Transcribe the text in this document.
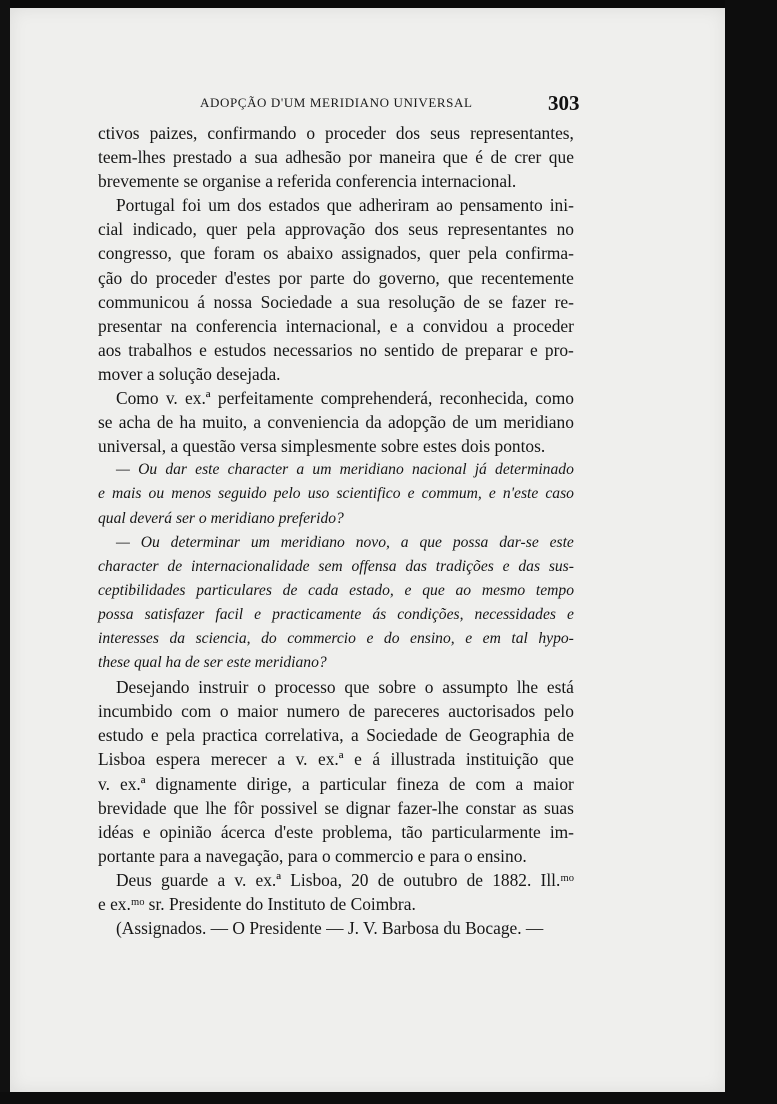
ADOPÇÃO D'UM MERIDIANO UNIVERSAL	303
ctivos paizes, confirmando o proceder dos seus representantes,
teem-lhes prestado a sua adhesão por maneira que é de crer que
brevemente se organise a referida conferencia internacional.
Portugal foi um dos estados que adheriram ao pensamento ini-
cial indicado, quer pela approvação dos seus representantes no
congresso, que foram os abaixo assignados, quer pela confirma-
ção do proceder d'estes por parte do governo, que recentemente
communicou á nossa Sociedade a sua resolução de se fazer re-
presentar na conferencia internacional, e a convidou a proceder
aos trabalhos e estudos necessarios no sentido de preparar e pro-
mover a solução desejada.
Como v. ex.ª perfeitamente comprehenderá, reconhecida, como
se acha de ha muito, a conveniencia da adopção de um meridiano
universal, a questão versa simplesmente sobre estes dois pontos.
— Ou dar este character a um meridiano nacional já determinado
e mais ou menos seguido pelo uso scientifico e commum, e n'este caso
qual deverá ser o meridiano preferido?
— Ou determinar um meridiano novo, a que possa dar-se este
character de internacionalidade sem offensa das tradições e das sus-
ceptibilidades particulares de cada estado, e que ao mesmo tempo
possa satisfazer facil e practicamente ás condições, necessidades e
interesses da sciencia, do commercio e do ensino, e em tal hypo-
these qual ha de ser este meridiano?
Desejando instruir o processo que sobre o assumpto lhe está
incumbido com o maior numero de pareceres auctorisados pelo
estudo e pela practica correlativa, a Sociedade de Geographia de
Lisboa espera merecer a v. ex.ª e á illustrada instituição que
v. ex.ª dignamente dirige, a particular fineza de com a maior
brevidade que lhe fôr possivel se dignar fazer-lhe constar as suas
idéas e opinião ácerca d'este problema, tão particularmente im-
portante para a navegação, para o commercio e para o ensino.
Deus guarde a v. ex.ª Lisboa, 20 de outubro de 1882. Ill.ᵐᵒ
e ex.ᵐᵒ sr. Presidente do Instituto de Coimbra.
(Assignados. — O Presidente — J. V. Barbosa du Bocage. —
